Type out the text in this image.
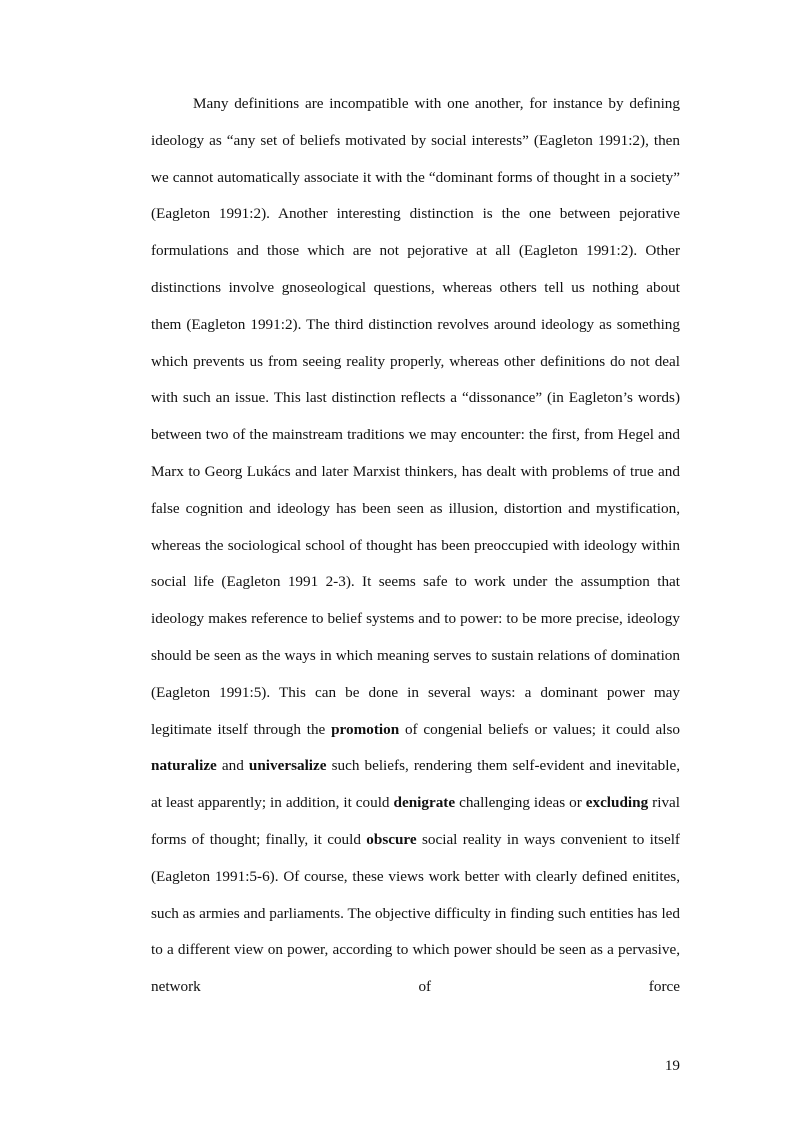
Many definitions are incompatible with one another, for instance by defining ideology as “any set of beliefs motivated by social interests” (Eagleton 1991:2), then we cannot automatically associate it with the “dominant forms of thought in a society” (Eagleton 1991:2). Another interesting distinction is the one between pejorative formulations and those which are not pejorative at all (Eagleton 1991:2). Other distinctions involve gnoseological questions, whereas others tell us nothing about them (Eagleton 1991:2). The third distinction revolves around ideology as something which prevents us from seeing reality properly, whereas other definitions do not deal with such an issue. This last distinction reflects a “dissonance” (in Eagleton’s words) between two of the mainstream traditions we may encounter: the first, from Hegel and Marx to Georg Lukács and later Marxist thinkers, has dealt with problems of true and false cognition and ideology has been seen as illusion, distortion and mystification, whereas the sociological school of thought has been preoccupied with ideology within social life (Eagleton 1991 2-3). It seems safe to work under the assumption that ideology makes reference to belief systems and to power: to be more precise, ideology should be seen as the ways in which meaning serves to sustain relations of domination (Eagleton 1991:5). This can be done in several ways: a dominant power may legitimate itself through the promotion of congenial beliefs or values; it could also naturalize and universalize such beliefs, rendering them self-evident and inevitable, at least apparently; in addition, it could denigrate challenging ideas or excluding rival forms of thought; finally, it could obscure social reality in ways convenient to itself (Eagleton 1991:5-6). Of course, these views work better with clearly defined enitites, such as armies and parliaments. The objective difficulty in finding such entities has led to a different view on power, according to which power should be seen as a pervasive, network of force

19
